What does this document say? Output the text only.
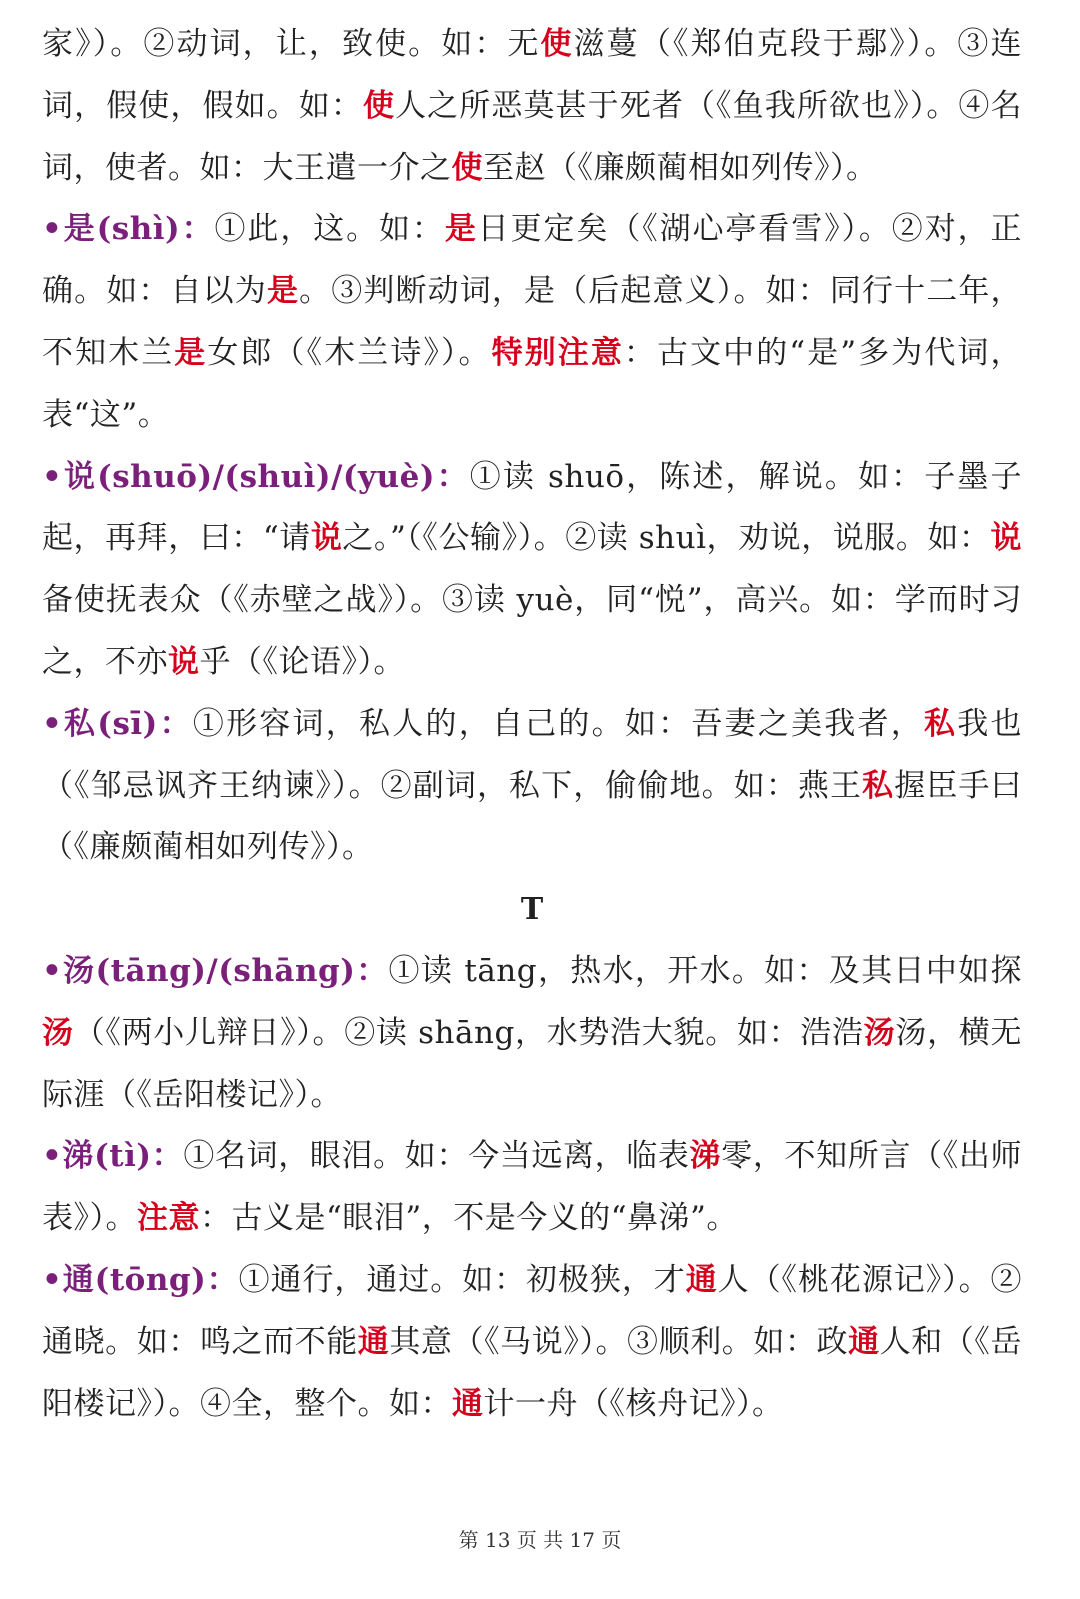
家》）。②动词，让，致使。如：无使滋蔓（《郑伯克段于鄢》）。③连词，假使，假如。如：使人之所恶莫甚于死者（《鱼我所欲也》）。④名词，使者。如：大王遣一介之使至赵（《廉颇蔺相如列传》）。

•是(shì)：①此，这。如：是日更定矣（《湖心亭看雪》）。②对，正确。如：自以为是。③判断动词，是（后起意义）。如：同行十二年，不知木兰是女郎（《木兰诗》）。特别注意：古文中的“是”多为代词，表“这”。

•说(shuō)/(shuì)/(yuè)：①读 shuō，陈述，解说。如：子墨子起，再拜，曰：“请说之。”（《公输》）。②读 shuì，劝说，说服。如：说备使抚表众（《赤壁之战》）。③读 yuè，同“悦”，高兴。如：学而时习之，不亦说乎（《论语》）。

•私(sī)：①形容词，私人的，自己的。如：吾妻之美我者，私我也（《邹忌讽齐王纳谏》）。②副词，私下，偷偷地。如：燕王私握臣手曰（《廉颇蔺相如列传》）。

T

•汤(tāng)/(shāng)：①读 tāng，热水，开水。如：及其日中如探汤（《两小儿辩日》）。②读 shāng，水势浩大貌。如：浩浩汤汤，横无际涯（《岳阳楼记》）。

•涕(tì)：①名词，眼泪。如：今当远离，临表涕零，不知所言（《出师表》）。注意：古义是“眼泪”，不是今义的“鼻涕”。

•通(tōng)：①通行，通过。如：初极狭，才通人（《桃花源记》）。②通晓。如：鸣之而不能通其意（《马说》）。③顺利。如：政通人和（《岳阳楼记》）。④全，整个。如：通计一舟（《核舟记》）。

第 13 页 共 17 页
